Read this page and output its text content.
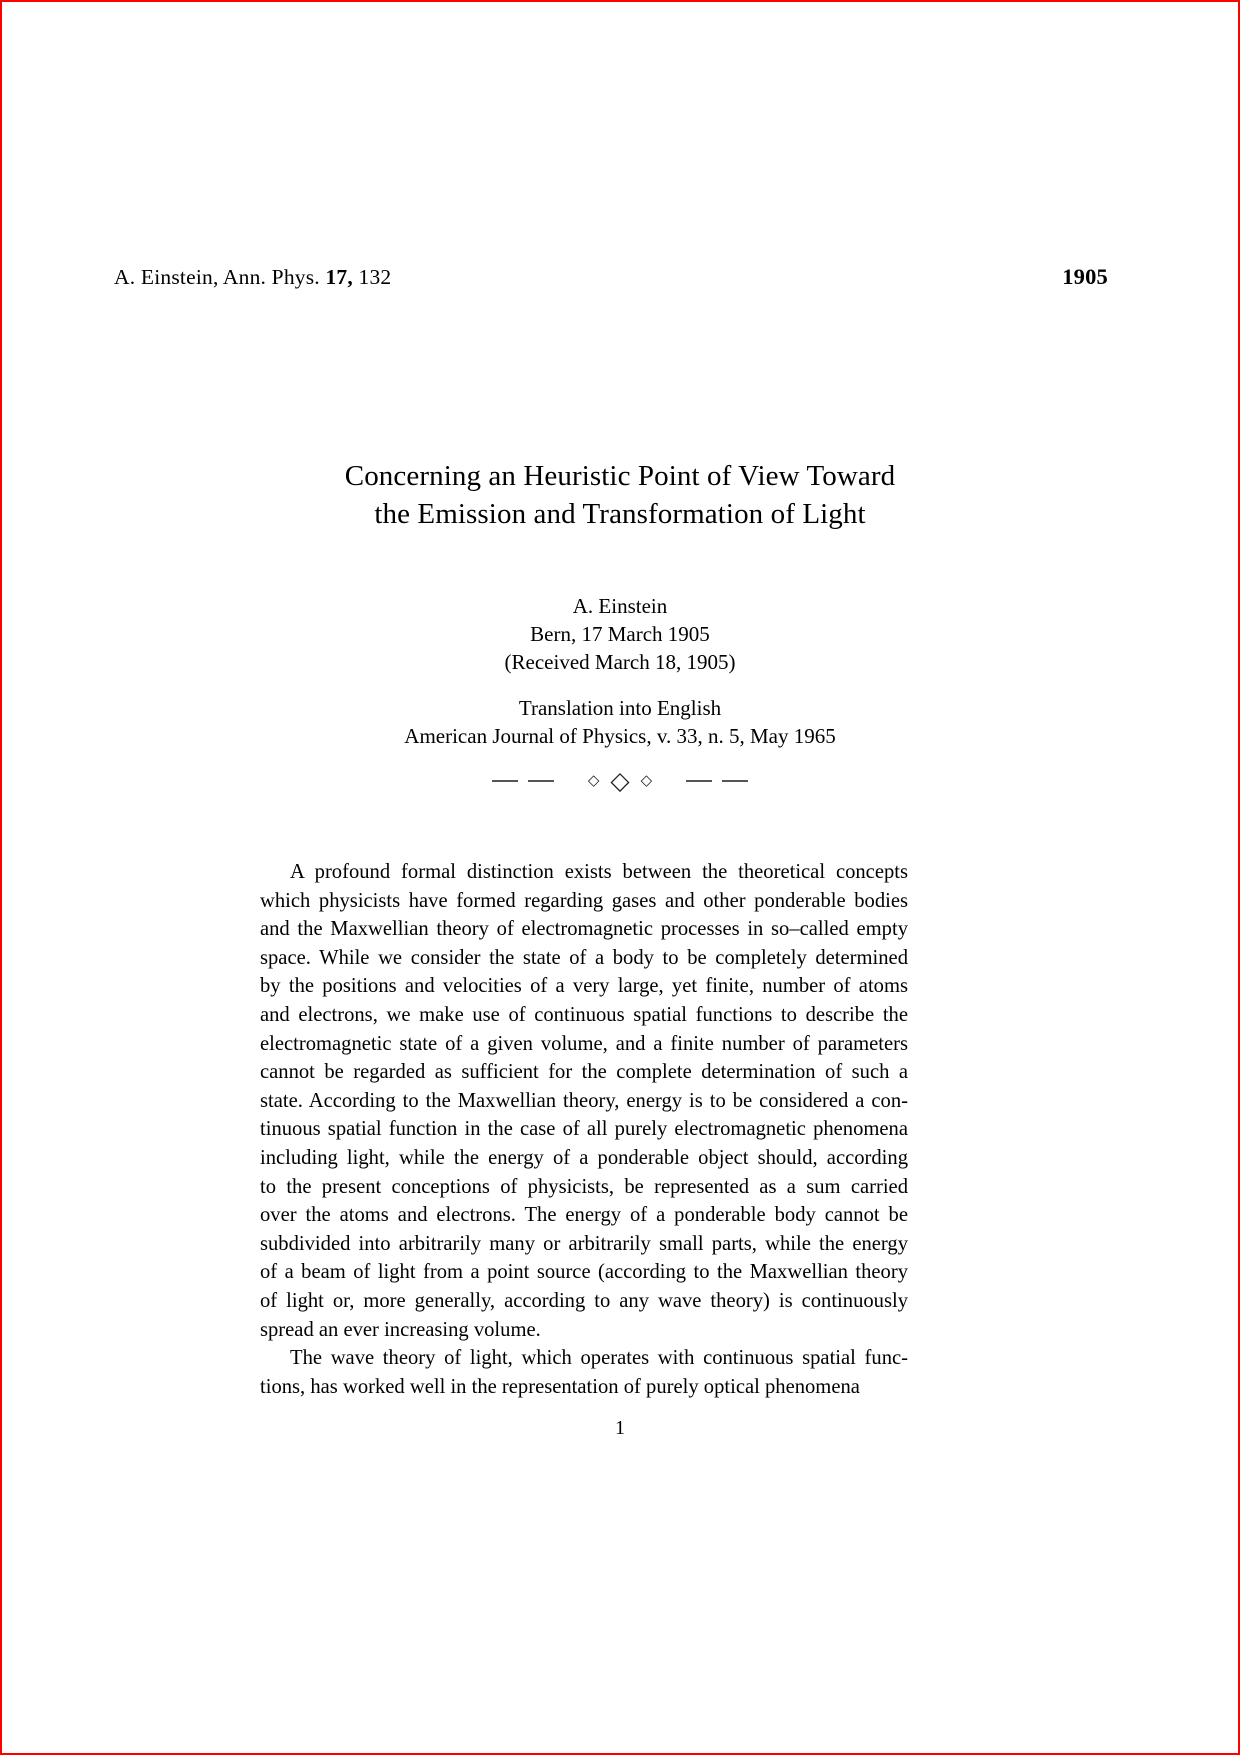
A. Einstein, Ann. Phys. 17, 132	1905
Concerning an Heuristic Point of View Toward
the Emission and Transformation of Light
A. Einstein
Bern, 17 March 1905
(Received March 18, 1905)
Translation into English
American Journal of Physics, v. 33, n. 5, May 1965
◇ ◇ ◇
A profound formal distinction exists between the theoretical concepts
which physicists have formed regarding gases and other ponderable bodies
and the Maxwellian theory of electromagnetic processes in so–called empty
space. While we consider the state of a body to be completely determined
by the positions and velocities of a very large, yet finite, number of atoms
and electrons, we make use of continuous spatial functions to describe the
electromagnetic state of a given volume, and a finite number of parameters
cannot be regarded as sufficient for the complete determination of such a
state. According to the Maxwellian theory, energy is to be considered a con-
tinuous spatial function in the case of all purely electromagnetic phenomena
including light, while the energy of a ponderable object should, according
to the present conceptions of physicists, be represented as a sum carried
over the atoms and electrons. The energy of a ponderable body cannot be
subdivided into arbitrarily many or arbitrarily small parts, while the energy
of a beam of light from a point source (according to the Maxwellian theory
of light or, more generally, according to any wave theory) is continuously
spread an ever increasing volume.
The wave theory of light, which operates with continuous spatial func-
tions, has worked well in the representation of purely optical phenomena
1
